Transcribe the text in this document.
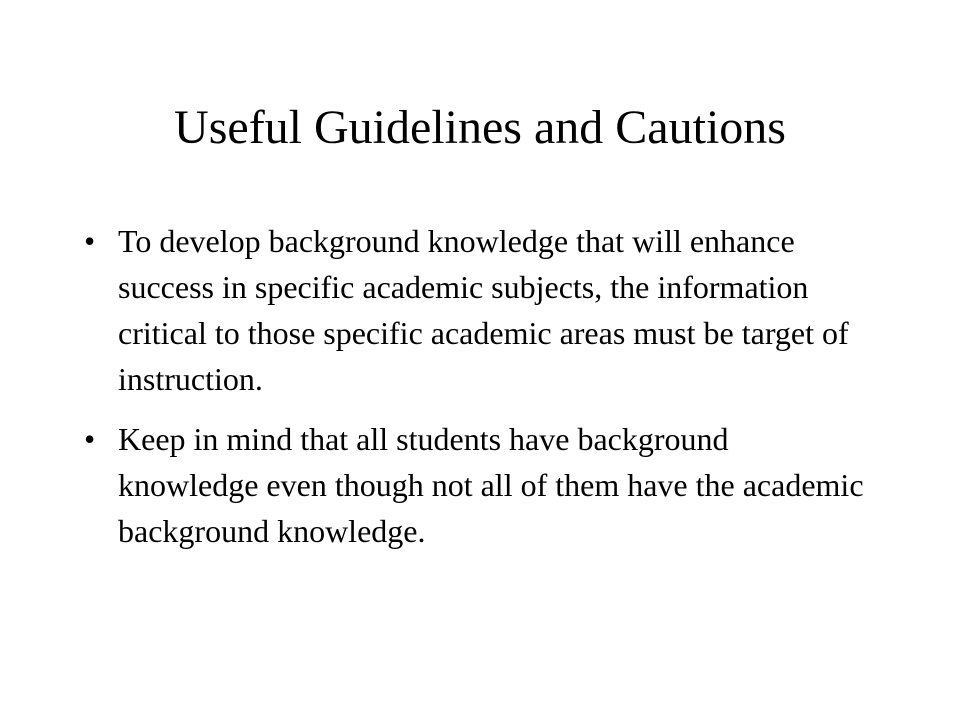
Useful Guidelines and Cautions
• To develop background knowledge that will enhance success in specific academic subjects, the information critical to those specific academic areas must be target of instruction.
• Keep in mind that all students have background knowledge even though not all of them have the academic background knowledge.
